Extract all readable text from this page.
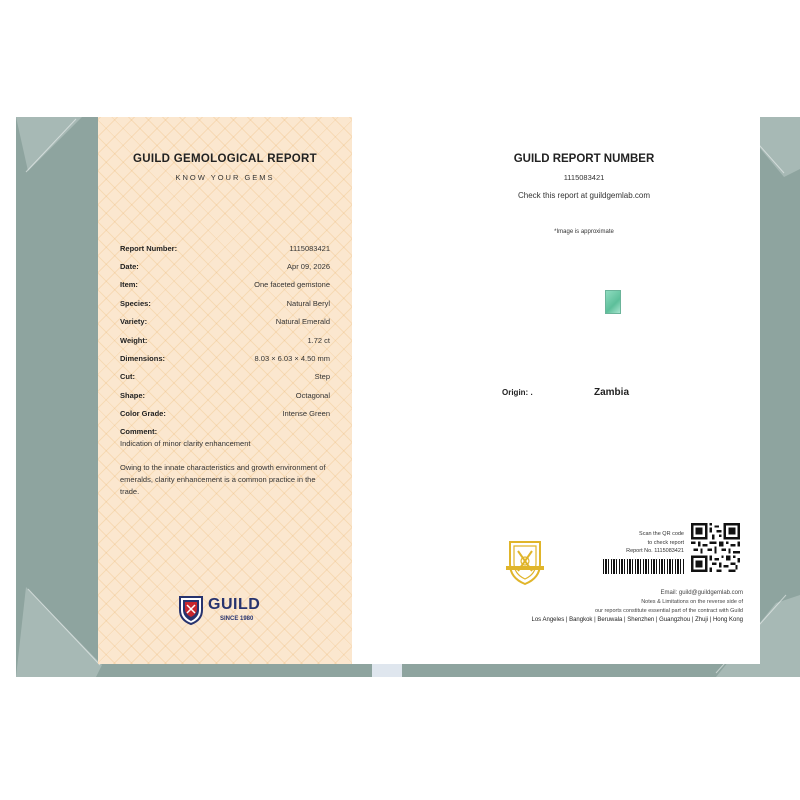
GUILD GEMOLOGICAL REPORT
KNOW YOUR GEMS
Report Number:	1115083421
Date:	Apr 09, 2026
Item:	One faceted gemstone
Species:	Natural Beryl
Variety:	Natural Emerald
Weight:	1.72 ct
Dimensions:	8.03 × 6.03 × 4.50 mm
Cut:	Step
Shape:	Octagonal
Color Grade:	Intense Green
Comment:
Indication of minor clarity enhancement
Owing to the innate characteristics and growth environment of emeralds, clarity enhancement is a common practice in the trade.
GUILD
SINCE 1980
GUILD REPORT NUMBER
1115083421
Check this report at guildgemlab.com
*Image is approximate
Origin: .	Zambia
Scan the QR code
to check report
Report No. 1115083421
Email: guild@guildgemlab.com
Notes & Limitations on the reverse side of
our reports constitute essential part of the contract with Guild
Los Angeles | Bangkok | Beruwala | Shenzhen | Guangzhou | Zhuji | Hong Kong
